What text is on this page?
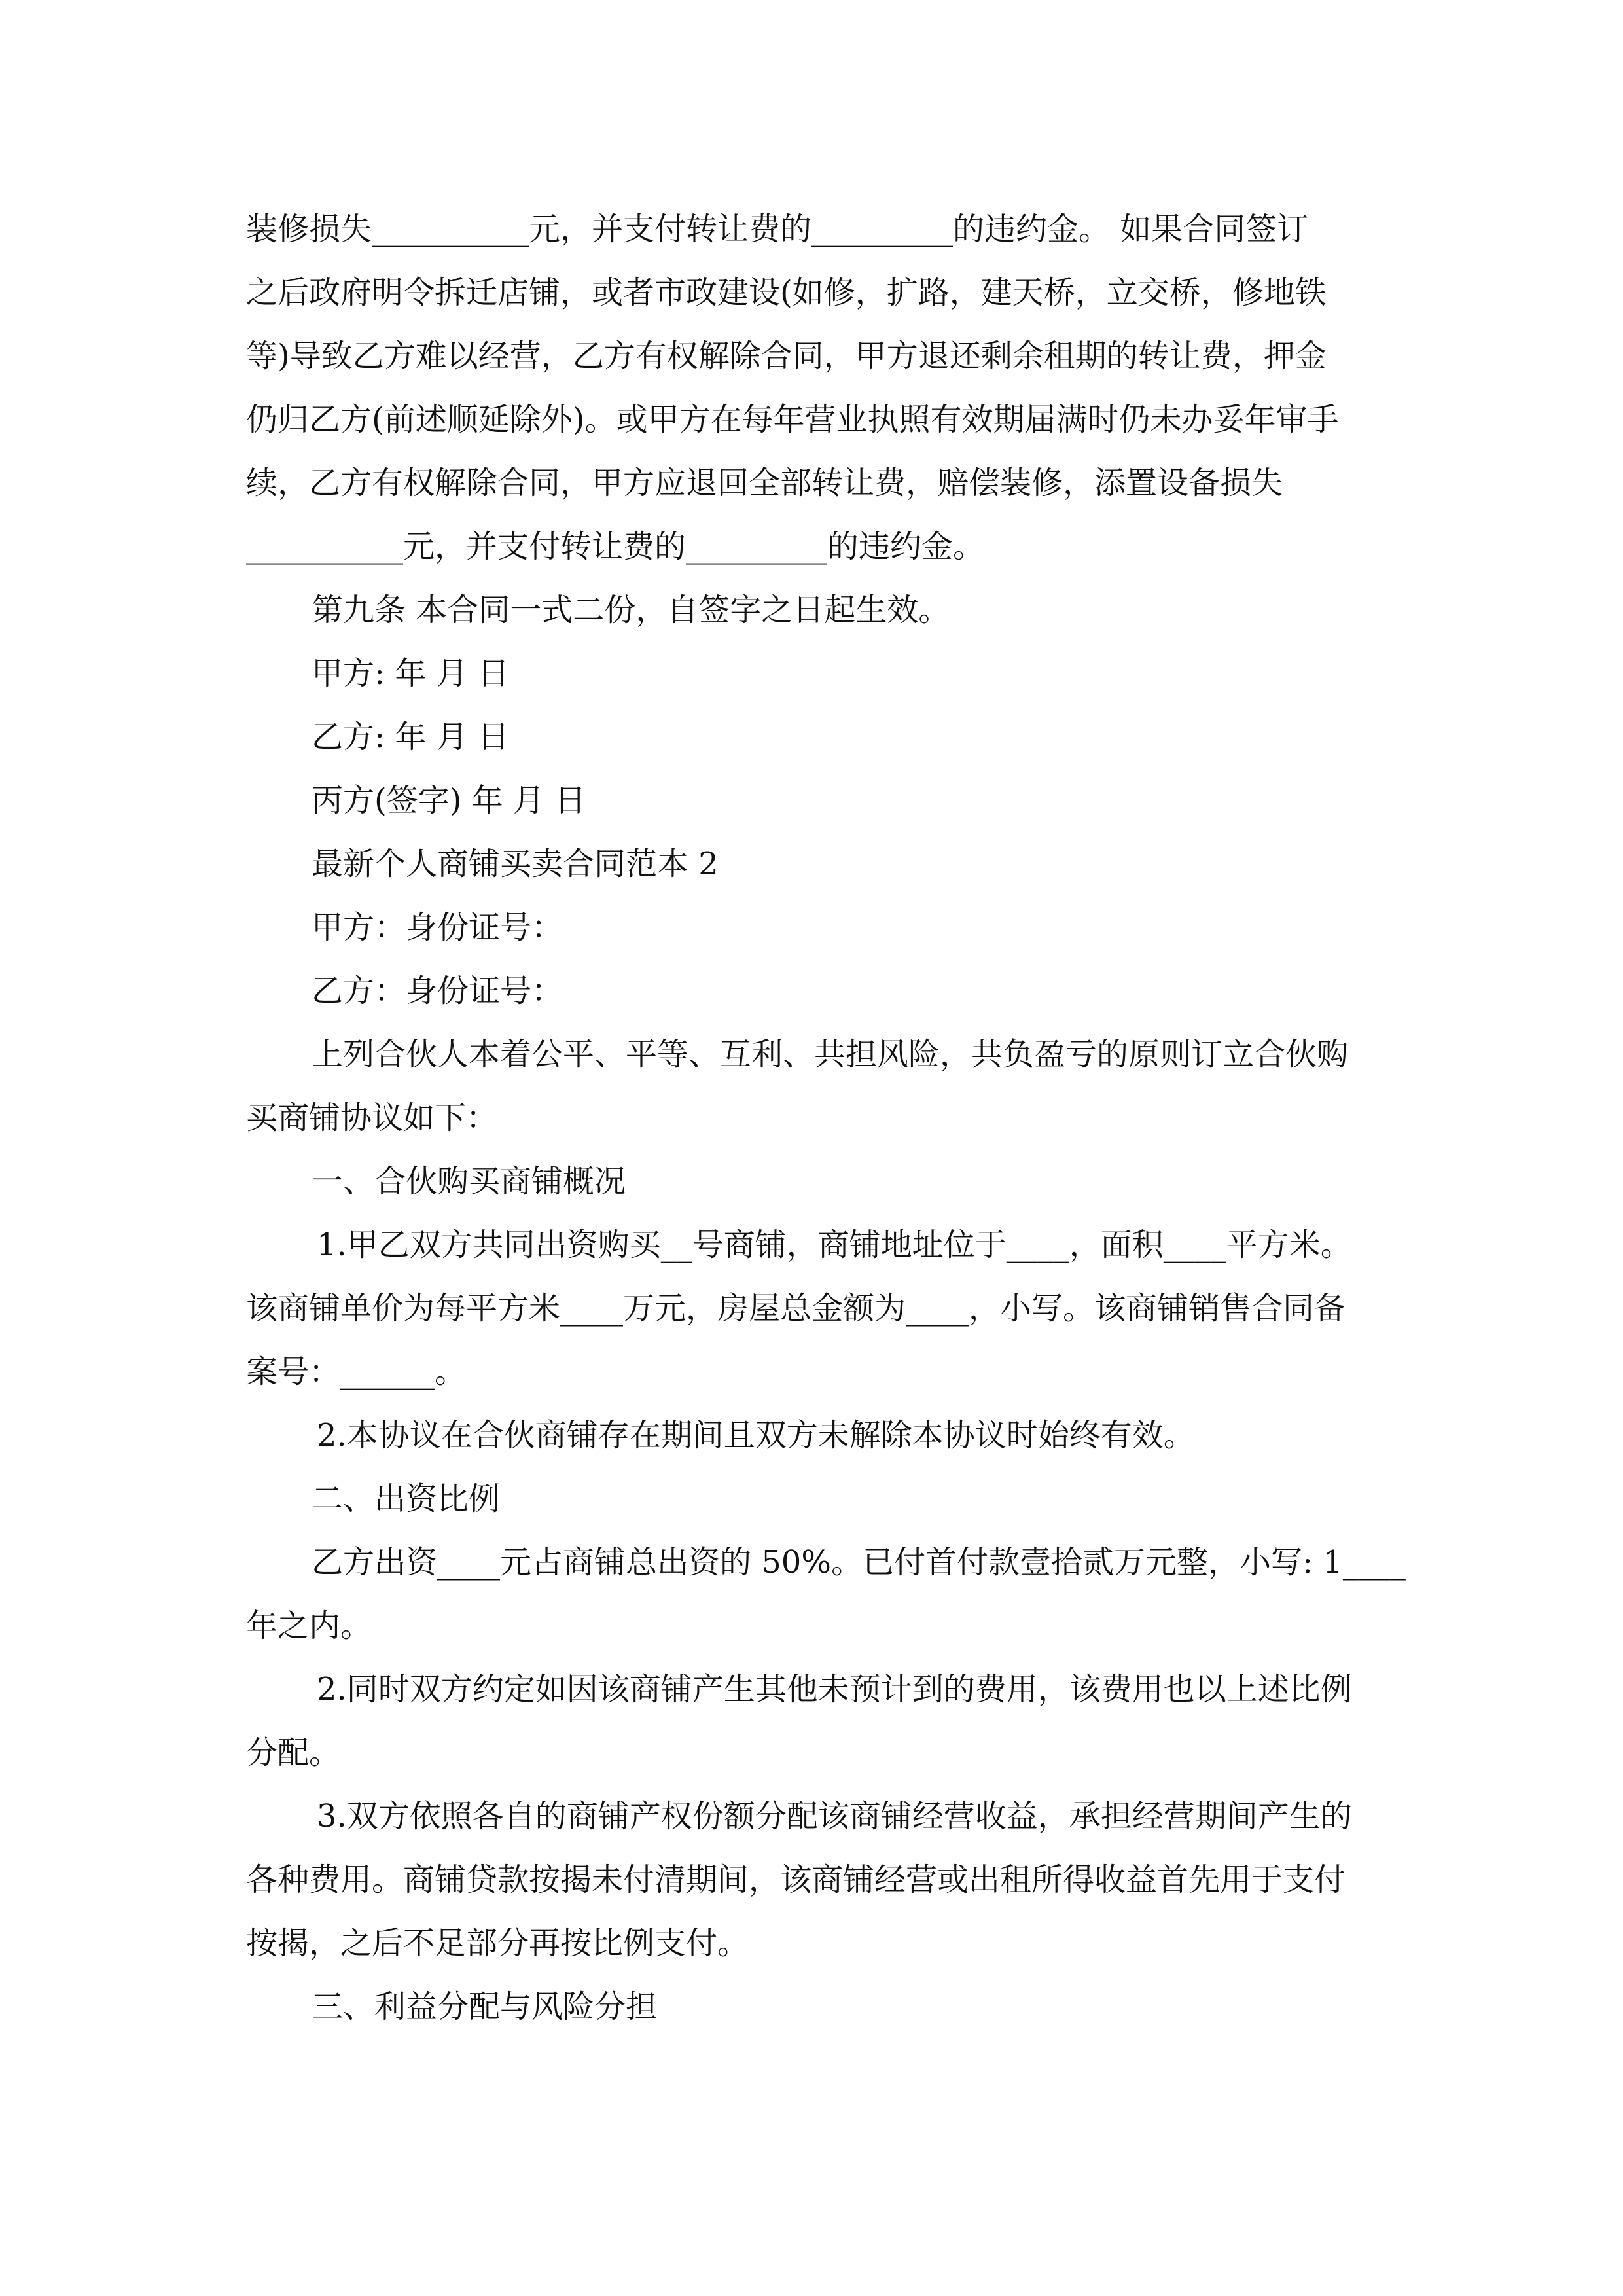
装修损失__________元，并支付转让费的_________的违约金。 如果合同签订
之后政府明令拆迁店铺，或者市政建设(如修，扩路，建天桥，立交桥，修地铁
等)导致乙方难以经营，乙方有权解除合同，甲方退还剩余租期的转让费，押金
仍归乙方(前述顺延除外)。或甲方在每年营业执照有效期届满时仍未办妥年审手
续，乙方有权解除合同，甲方应退回全部转让费，赔偿装修，添置设备损失
__________元，并支付转让费的_________的违约金。
第九条 本合同一式二份，自签字之日起生效。
甲方: 年 月 日
乙方: 年 月 日
丙方(签字) 年 月 日
最新个人商铺买卖合同范本 2
甲方：身份证号：
乙方：身份证号：
上列合伙人本着公平、平等、互利、共担风险，共负盈亏的原则订立合伙购
买商铺协议如下：
一、合伙购买商铺概况
1.甲乙双方共同出资购买__号商铺，商铺地址位于____，面积____平方米。
该商铺单价为每平方米____万元，房屋总金额为____，小写。该商铺销售合同备
案号：______。
2.本协议在合伙商铺存在期间且双方未解除本协议时始终有效。
二、出资比例
乙方出资____元占商铺总出资的 50%。已付首付款壹拾贰万元整，小写: 1____
年之内。
2.同时双方约定如因该商铺产生其他未预计到的费用，该费用也以上述比例
分配。
3.双方依照各自的商铺产权份额分配该商铺经营收益，承担经营期间产生的
各种费用。商铺贷款按揭未付清期间，该商铺经营或出租所得收益首先用于支付
按揭，之后不足部分再按比例支付。
三、利益分配与风险分担
